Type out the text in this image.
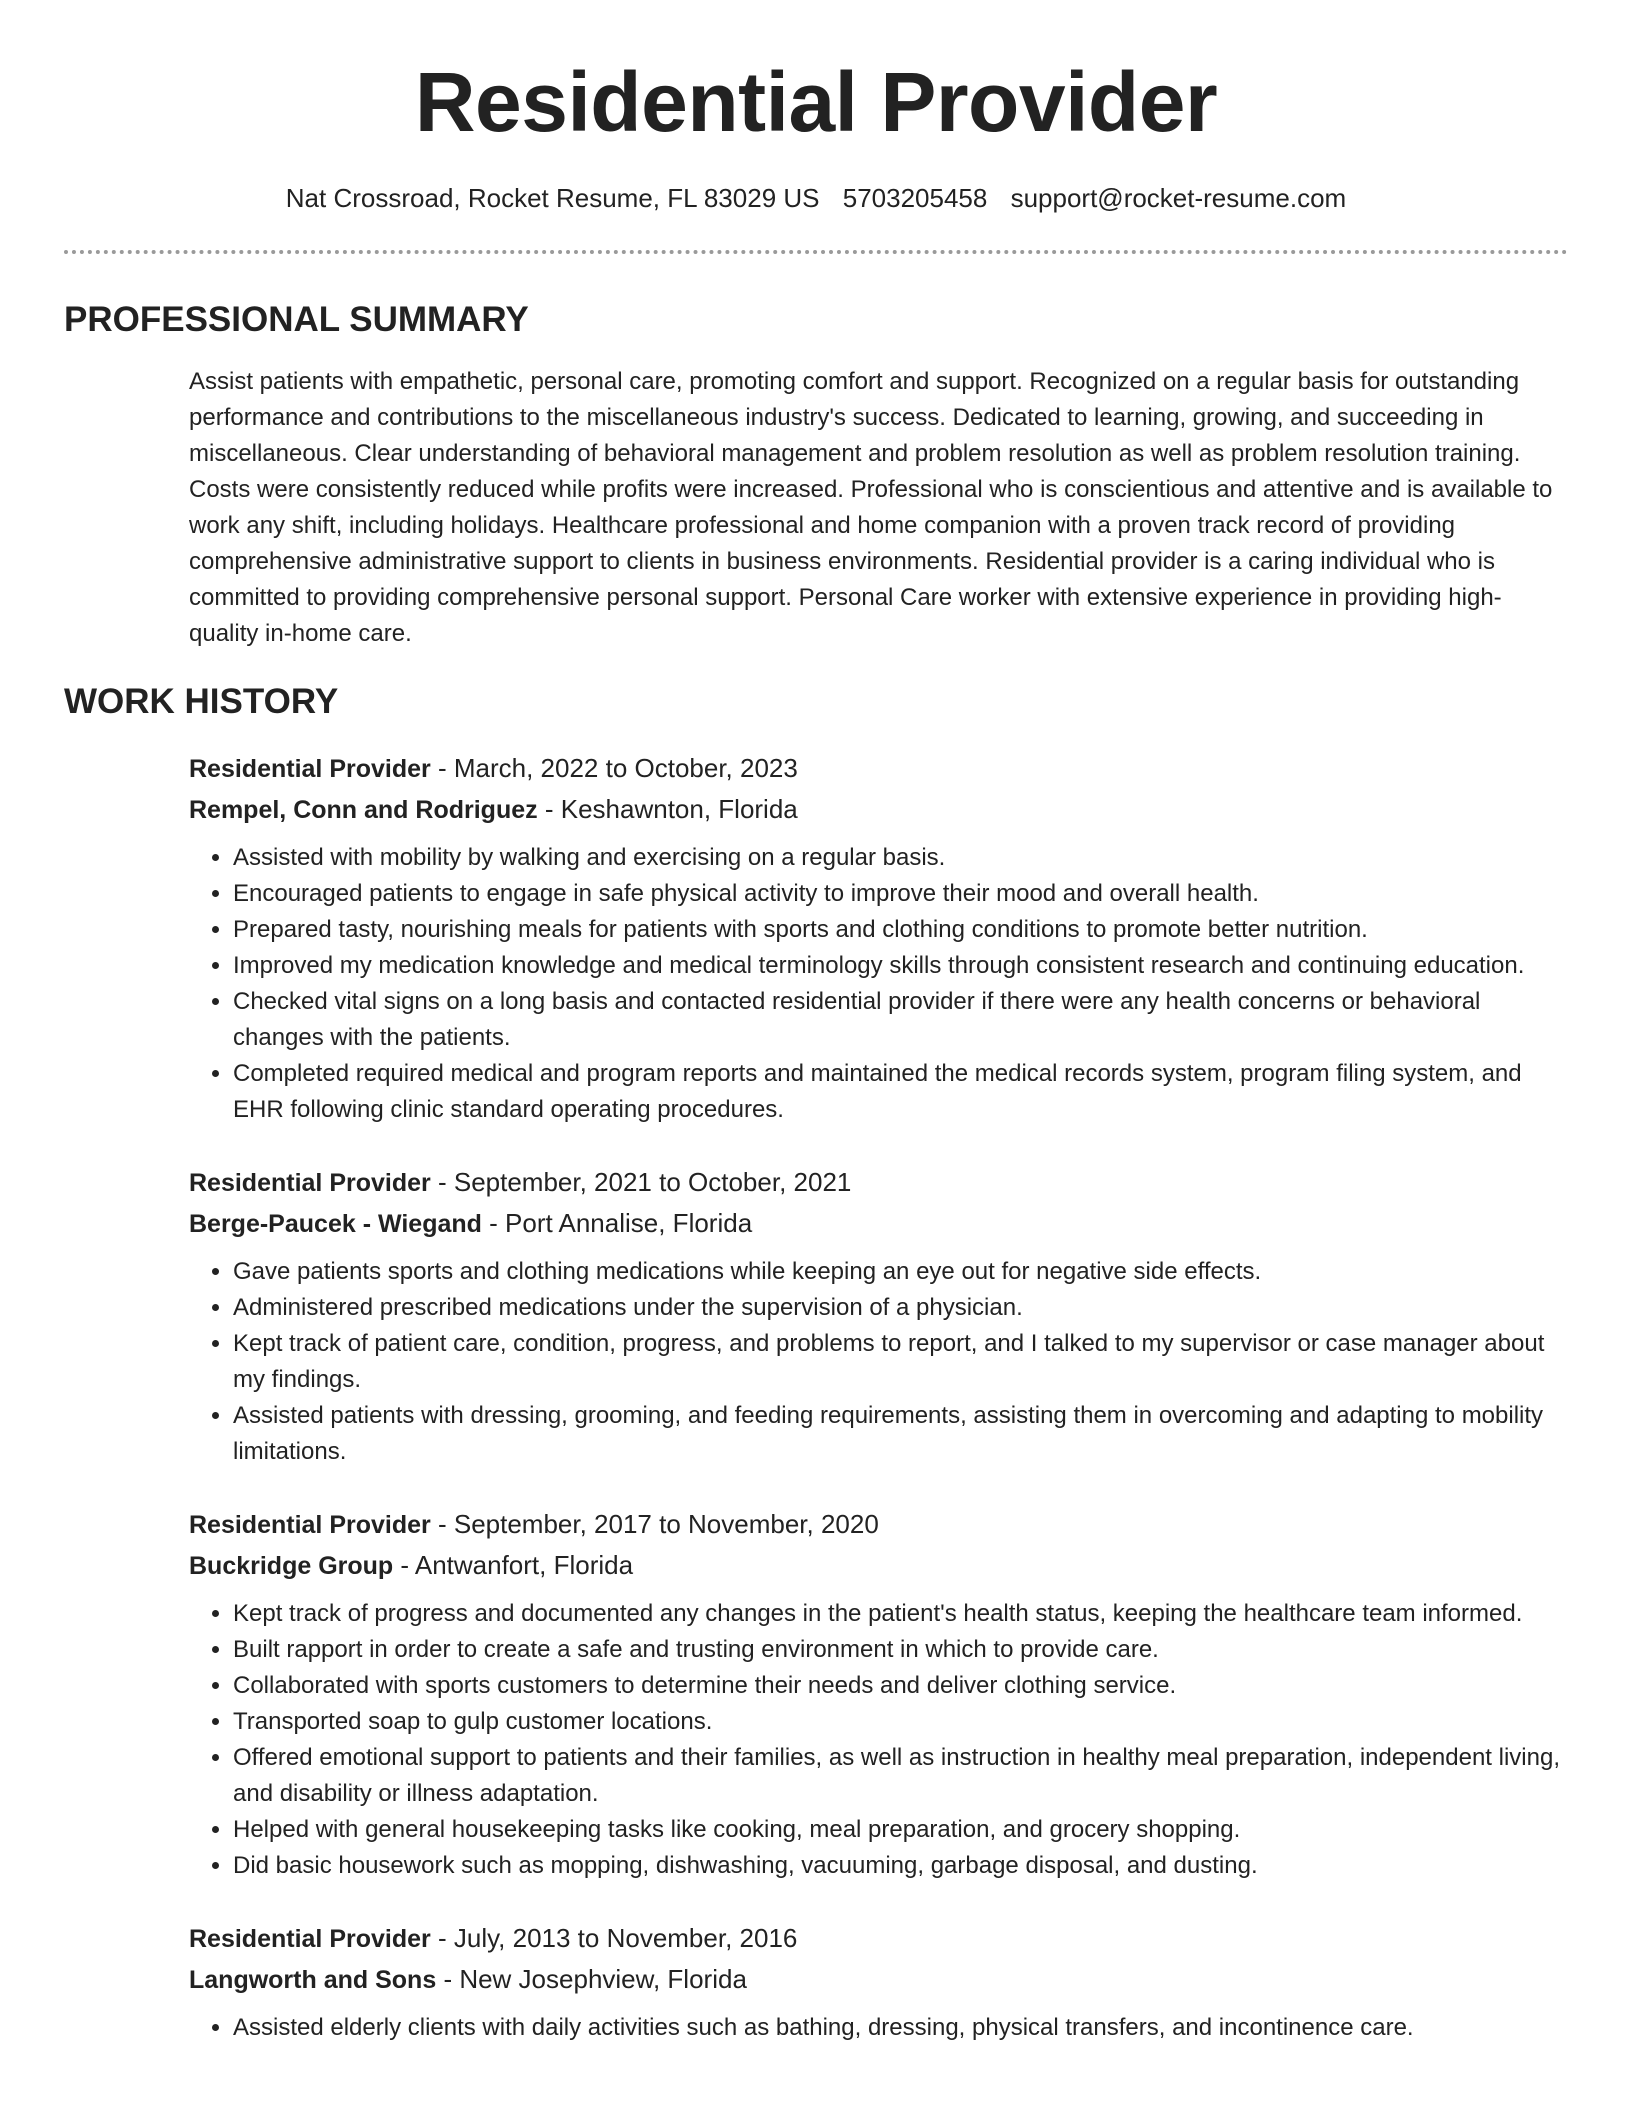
Residential Provider
Nat Crossroad, Rocket Resume, FL 83029 US 5703205458 support@rocket-resume.com
PROFESSIONAL SUMMARY

Assist patients with empathetic, personal care, promoting comfort and support. Recognized on a regular basis for outstanding performance and contributions to the miscellaneous industry's success. Dedicated to learning, growing, and succeeding in miscellaneous. Clear understanding of behavioral management and problem resolution as well as problem resolution training. Costs were consistently reduced while profits were increased. Professional who is conscientious and attentive and is available to work any shift, including holidays. Healthcare professional and home companion with a proven track record of providing comprehensive administrative support to clients in business environments. Residential provider is a caring individual who is committed to providing comprehensive personal support. Personal Care worker with extensive experience in providing high-quality in-home care.

WORK HISTORY
Residential Provider - March, 2022 to October, 2023
Rempel, Conn and Rodriguez - Keshawnton, Florida
• Assisted with mobility by walking and exercising on a regular basis.
• Encouraged patients to engage in safe physical activity to improve their mood and overall health.
• Prepared tasty, nourishing meals for patients with sports and clothing conditions to promote better nutrition.
• Improved my medication knowledge and medical terminology skills through consistent research and continuing education.
• Checked vital signs on a long basis and contacted residential provider if there were any health concerns or behavioral changes with the patients.
• Completed required medical and program reports and maintained the medical records system, program filing system, and EHR following clinic standard operating procedures.
Residential Provider - September, 2021 to October, 2021
Berge-Paucek - Wiegand - Port Annalise, Florida
• Gave patients sports and clothing medications while keeping an eye out for negative side effects.
• Administered prescribed medications under the supervision of a physician.
• Kept track of patient care, condition, progress, and problems to report, and I talked to my supervisor or case manager about my findings.
• Assisted patients with dressing, grooming, and feeding requirements, assisting them in overcoming and adapting to mobility limitations.
Residential Provider - September, 2017 to November, 2020
Buckridge Group - Antwanfort, Florida
• Kept track of progress and documented any changes in the patient's health status, keeping the healthcare team informed.
• Built rapport in order to create a safe and trusting environment in which to provide care.
• Collaborated with sports customers to determine their needs and deliver clothing service.
• Transported soap to gulp customer locations.
• Offered emotional support to patients and their families, as well as instruction in healthy meal preparation, independent living, and disability or illness adaptation.
• Helped with general housekeeping tasks like cooking, meal preparation, and grocery shopping.
• Did basic housework such as mopping, dishwashing, vacuuming, garbage disposal, and dusting.
Residential Provider - July, 2013 to November, 2016
Langworth and Sons - New Josephview, Florida
• Assisted elderly clients with daily activities such as bathing, dressing, physical transfers, and incontinence care.
